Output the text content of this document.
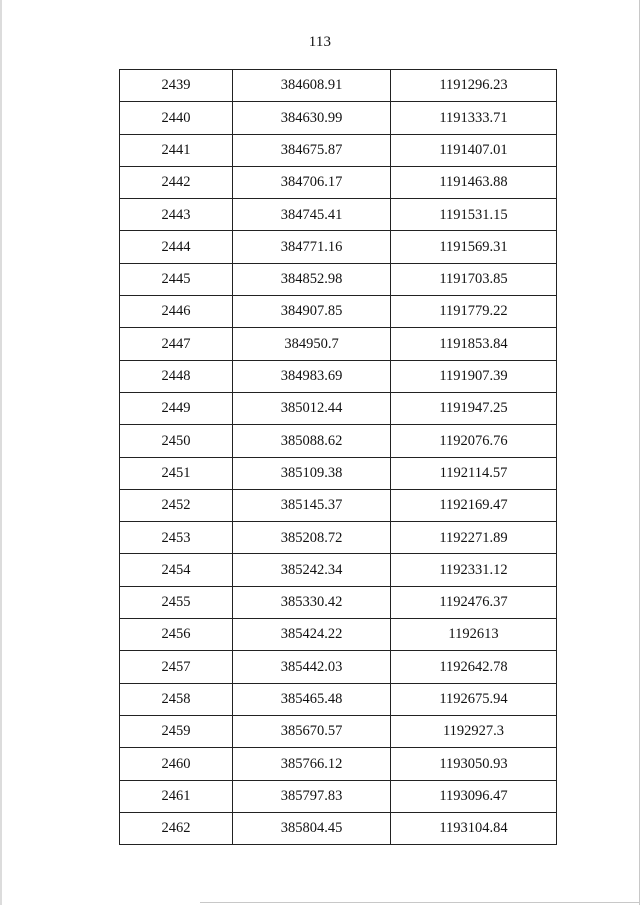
113
2439	384608.91	1191296.23
2440	384630.99	1191333.71
2441	384675.87	1191407.01
2442	384706.17	1191463.88
2443	384745.41	1191531.15
2444	384771.16	1191569.31
2445	384852.98	1191703.85
2446	384907.85	1191779.22
2447	384950.7	1191853.84
2448	384983.69	1191907.39
2449	385012.44	1191947.25
2450	385088.62	1192076.76
2451	385109.38	1192114.57
2452	385145.37	1192169.47
2453	385208.72	1192271.89
2454	385242.34	1192331.12
2455	385330.42	1192476.37
2456	385424.22	1192613
2457	385442.03	1192642.78
2458	385465.48	1192675.94
2459	385670.57	1192927.3
2460	385766.12	1193050.93
2461	385797.83	1193096.47
2462	385804.45	1193104.84
